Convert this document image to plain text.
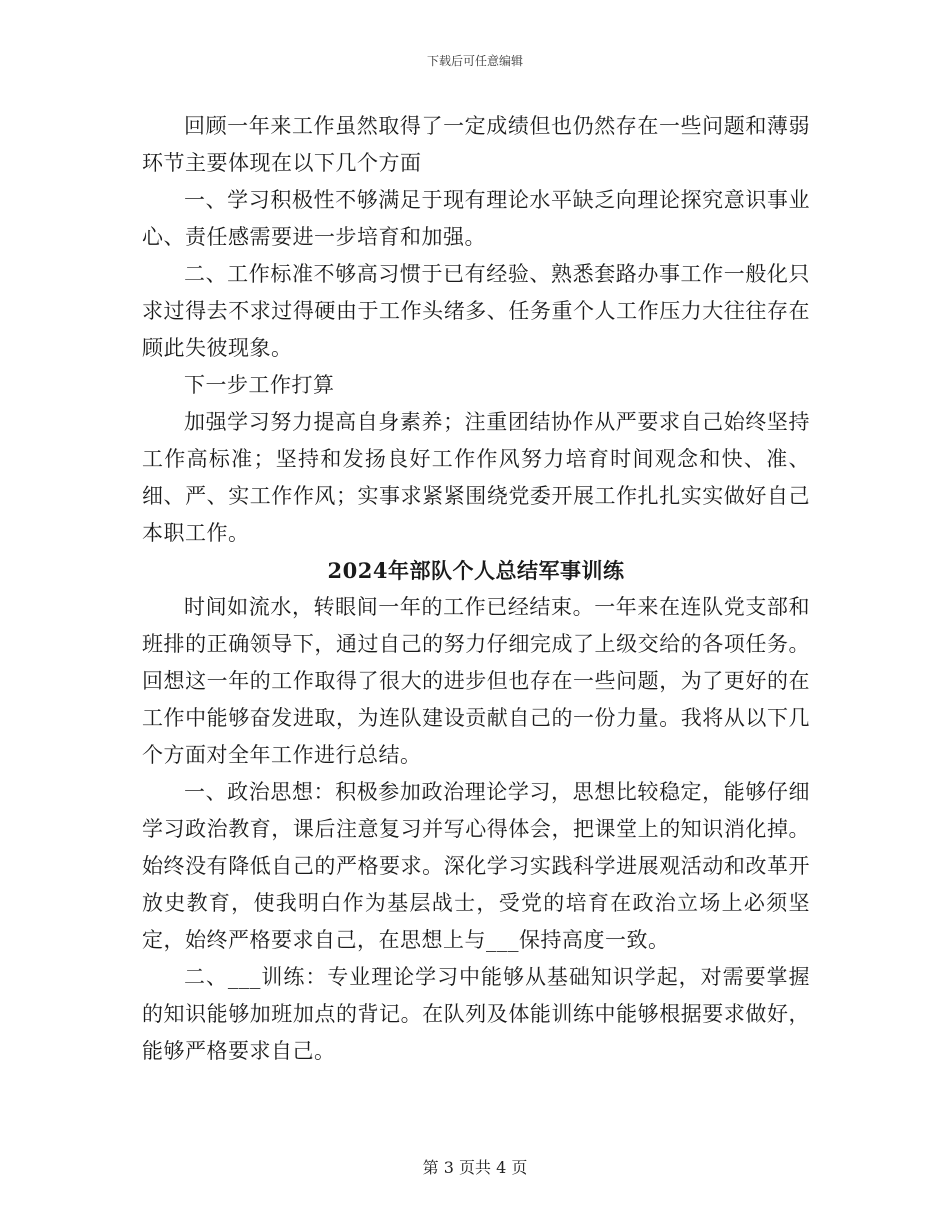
下载后可任意编辑

回顾一年来工作虽然取得了一定成绩但也仍然存在一些问题和薄弱环节主要体现在以下几个方面

一、学习积极性不够满足于现有理论水平缺乏向理论探究意识事业心、责任感需要进一步培育和加强。

二、工作标准不够高习惯于已有经验、熟悉套路办事工作一般化只求过得去不求过得硬由于工作头绪多、任务重个人工作压力大往往存在顾此失彼现象。

下一步工作打算

加强学习努力提高自身素养；注重团结协作从严要求自己始终坚持工作高标准；坚持和发扬良好工作作风努力培育时间观念和快、准、细、严、实工作作风；实事求紧紧围绕党委开展工作扎扎实实做好自己本职工作。

2024年部队个人总结军事训练

时间如流水，转眼间一年的工作已经结束。一年来在连队党支部和班排的正确领导下，通过自己的努力仔细完成了上级交给的各项任务。回想这一年的工作取得了很大的进步但也存在一些问题，为了更好的在工作中能够奋发进取，为连队建设贡献自己的一份力量。我将从以下几个方面对全年工作进行总结。

一、政治思想：积极参加政治理论学习，思想比较稳定，能够仔细学习政治教育，课后注意复习并写心得体会，把课堂上的知识消化掉。始终没有降低自己的严格要求。深化学习实践科学进展观活动和改革开放史教育，使我明白作为基层战士，受党的培育在政治立场上必须坚定，始终严格要求自己，在思想上与___保持高度一致。

二、___训练：专业理论学习中能够从基础知识学起，对需要掌握的知识能够加班加点的背记。在队列及体能训练中能够根据要求做好，能够严格要求自己。

第 3 页共 4 页
